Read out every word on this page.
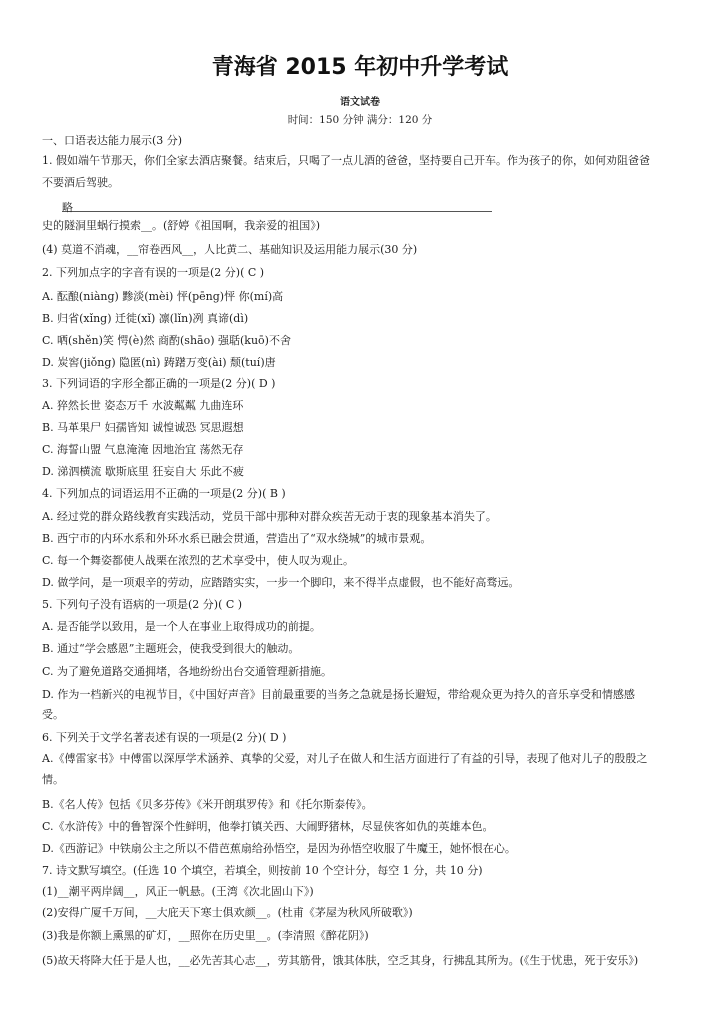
青海省 2015 年初中升学考试
语文试卷
时间：150 分钟 满分：120 分
一、口语表达能力展示(3 分)
1. 假如端午节那天，你们全家去酒店聚餐。结束后，只喝了一点儿酒的爸爸，坚持要自己开车。作为孩子的你，如何劝阻爸爸
不要酒后驾驶。
略
史的隧洞里蜗行摸索__。(舒婷《祖国啊，我亲爱的祖国》)
(4) 莫道不消魂，__帘卷西风__，人比黄二、基础知识及运用能力展示(30 分)
2. 下列加点字的字音有误的一项是(2 分)( C )
A. 酝酿(niàng) 黪淡(mèi) 怦(pēng)怦 你(mí)高
B. 归省(xǐng) 迁徙(xǐ) 凛(lǐn)冽 真谛(dì)
C. 哂(shěn)笑 愕(è)然 商酌(shāo) 强聒(kuō)不舍
D. 炭窖(jiǒng) 隐匿(nì) 踌躇万变(ài) 颓(tuí)唐
3. 下列词语的字形全都正确的一项是(2 分)( D )
A. 猝然长世 姿态万千 水波粼粼 九曲连环
B. 马革果尸 妇孺皆知 诚惶诚恐 冥思遐想
C. 海誓山盟 气息淹淹 因地治宜 荡然无存
D. 涕泗横流 歇斯底里 狂妄自大 乐此不疲
4. 下列加点的词语运用不正确的一项是(2 分)( B )
A. 经过党的群众路线教育实践活动，党员干部中那种对群众疾苦无动于衷的现象基本消失了。
B. 西宁市的内环水系和外环水系已融会贯通，营造出了“双水绕城”的城市景观。
C. 每一个舞姿都使人战栗在浓烈的艺术享受中，使人叹为观止。
D. 做学问，是一项艰辛的劳动，应踏踏实实，一步一个脚印，来不得半点虚假，也不能好高骛远。
5. 下列句子没有语病的一项是(2 分)( C )
A. 是否能学以致用，是一个人在事业上取得成功的前提。
B. 通过“学会感恩”主题班会，使我受到很大的触动。
C. 为了避免道路交通拥堵，各地纷纷出台交通管理新措施。
D. 作为一档新兴的电视节目，《中国好声音》目前最重要的当务之急就是扬长避短，带给观众更为持久的音乐享受和情感感
受。
6. 下列关于文学名著表述有误的一项是(2 分)( D )
A.《傅雷家书》中傅雷以深厚学术涵养、真挚的父爱，对儿子在做人和生活方面进行了有益的引导，表现了他对儿子的殷殷之
情。
B.《名人传》包括《贝多芬传》《米开朗琪罗传》和《托尔斯泰传》。
C.《水浒传》中的鲁智深个性鲜明，他拳打镇关西、大闹野猪林，尽显侠客如仇的英雄本色。
D.《西游记》中铁扇公主之所以不借芭蕉扇给孙悟空，是因为孙悟空收服了牛魔王，她怀恨在心。
7. 诗文默写填空。(任选 10 个填空，若填全，则按前 10 个空计分，每空 1 分，共 10 分)
(1)__潮平两岸阔__，风正一帆悬。(王湾《次北固山下》)
(2)安得广厦千万间，__大庇天下寒士俱欢颜__。(杜甫《茅屋为秋风所破歌》)
(3)我是你额上熏黑的矿灯，__照你在历史里__。(李清照《醉花阴》)
(5)故天将降大任于是人也，__必先苦其心志__，劳其筋骨，饿其体肤，空乏其身，行拂乱其所为。(《生于忧患，死于安乐》)
